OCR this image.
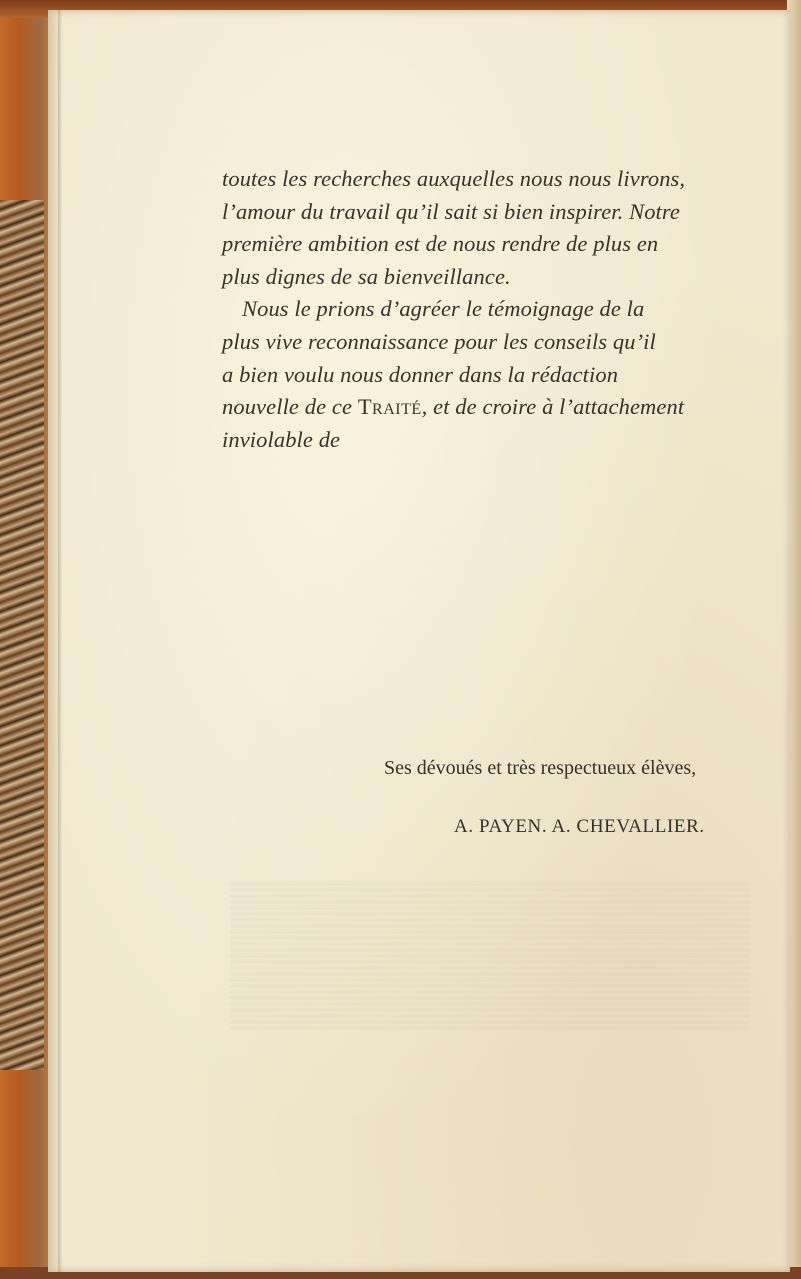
toutes les recherches auxquelles nous nous livrons,
l’amour du travail qu’il sait si bien inspirer. Notre
première ambition est de nous rendre de plus en
plus dignes de sa bienveillance.
Nous le prions d’agréer le témoignage de la
plus vive reconnaissance pour les conseils qu’il
a bien voulu nous donner dans la rédaction
nouvelle de ce Traité, et de croire à l’attachement
inviolable de

Ses dévoués et très respectueux élèves,

A. PAYEN. A. CHEVALLIER.
